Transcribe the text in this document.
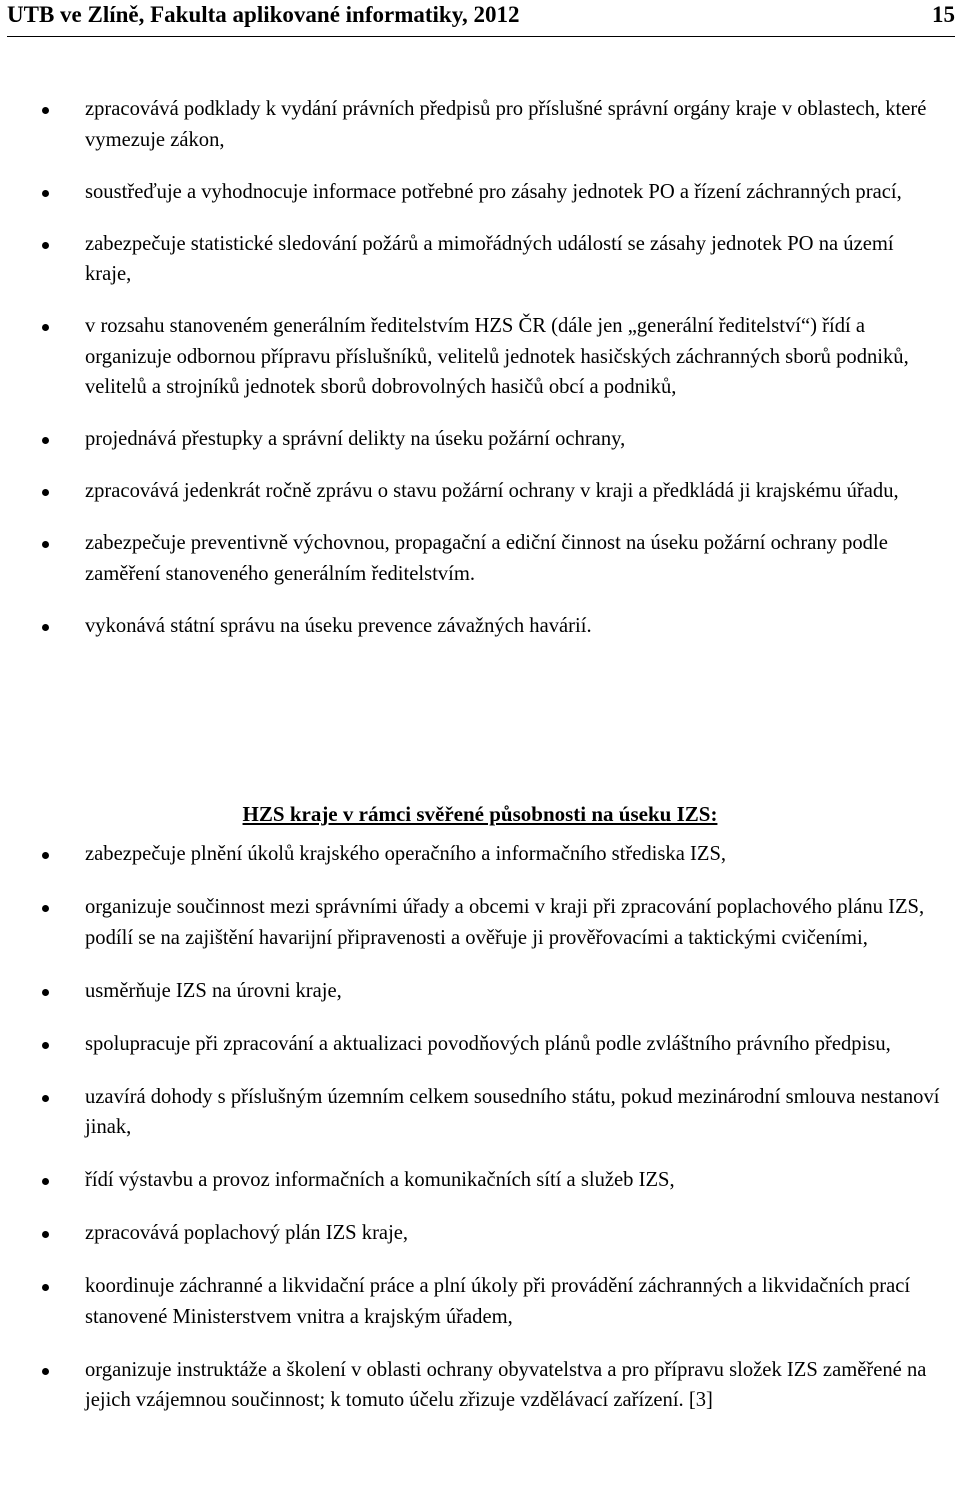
UTB ve Zlíně, Fakulta aplikované informatiky, 2012	15
zpracovává podklady k vydání právních předpisů pro příslušné správní orgány kraje v oblastech, které vymezuje zákon,
soustřeďuje a vyhodnocuje informace potřebné pro zásahy jednotek PO a řízení záchranných prací,
zabezpečuje statistické sledování požárů a mimořádných událostí se zásahy jednotek PO na území kraje,
v rozsahu stanoveném generálním ředitelstvím HZS ČR (dále jen „generální ředitelství“) řídí a organizuje odbornou přípravu příslušníků, velitelů jednotek hasičských záchranných sborů podniků, velitelů a strojníků jednotek sborů dobrovolných hasičů obcí a podniků,
projednává přestupky a správní delikty na úseku požární ochrany,
zpracovává jedenkrát ročně zprávu o stavu požární ochrany v kraji a předkládá ji krajskému úřadu,
zabezpečuje preventivně výchovnou, propagační a ediční činnost na úseku požární ochrany podle zaměření stanoveného generálním ředitelstvím.
vykonává státní správu na úseku prevence závažných havárií.
HZS kraje v rámci svěřené působnosti na úseku IZS:
zabezpečuje plnění úkolů krajského operačního a informačního střediska IZS,
organizuje součinnost mezi správními úřady a obcemi v kraji při zpracování poplachového plánu IZS, podílí se na zajištění havarijní připravenosti a ověřuje ji prověřovacími a taktickými cvičeními,
usměrňuje IZS na úrovni kraje,
spolupracuje při zpracování a aktualizaci povodňových plánů podle zvláštního právního předpisu,
uzavírá dohody s příslušným územním celkem sousedního státu, pokud mezinárodní smlouva nestanoví jinak,
řídí výstavbu a provoz informačních a komunikačních sítí a služeb IZS,
zpracovává poplachový plán IZS kraje,
koordinuje záchranné a likvidační práce a plní úkoly při provádění záchranných a likvidačních prací stanovené Ministerstvem vnitra a krajským úřadem,
organizuje instruktáže a školení v oblasti ochrany obyvatelstva a pro přípravu složek IZS zaměřené na jejich vzájemnou součinnost; k tomuto účelu zřizuje vzdělávací zařízení. [3]
